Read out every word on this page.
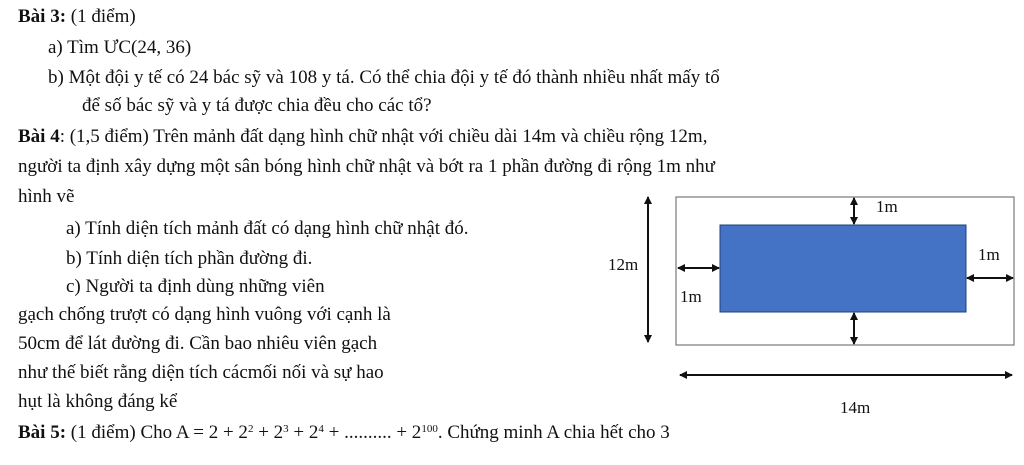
Bài 3: (1 điểm)
a) Tìm ƯC(24, 36)
b) Một đội y tế có 24 bác sỹ và 108 y tá. Có thể chia đội y tế đó thành nhiều nhất mấy tổ
để số bác sỹ và y tá được chia đều cho các tổ?
Bài 4: (1,5 điểm) Trên mảnh đất dạng hình chữ nhật với chiều dài 14m và chiều rộng 12m,
người ta định xây dựng một sân bóng hình chữ nhật và bớt ra 1 phần đường đi rộng 1m như
hình vẽ
a) Tính diện tích mảnh đất có dạng hình chữ nhật đó.
b) Tính diện tích phần đường đi.
c) Người ta định dùng những viên
gạch chống trượt có dạng hình vuông với cạnh là
50cm để lát đường đi. Cần bao nhiêu viên gạch
như thế biết rằng diện tích cácmối nối và sự hao
hụt là không đáng kể
1m
1m
1m
12m
14m
Bài 5: (1 điểm) Cho $A = 2 + 2^2 + 2^3 + 2^4$ + .......... + $2^{100}$. Chứng minh A chia hết cho 3
